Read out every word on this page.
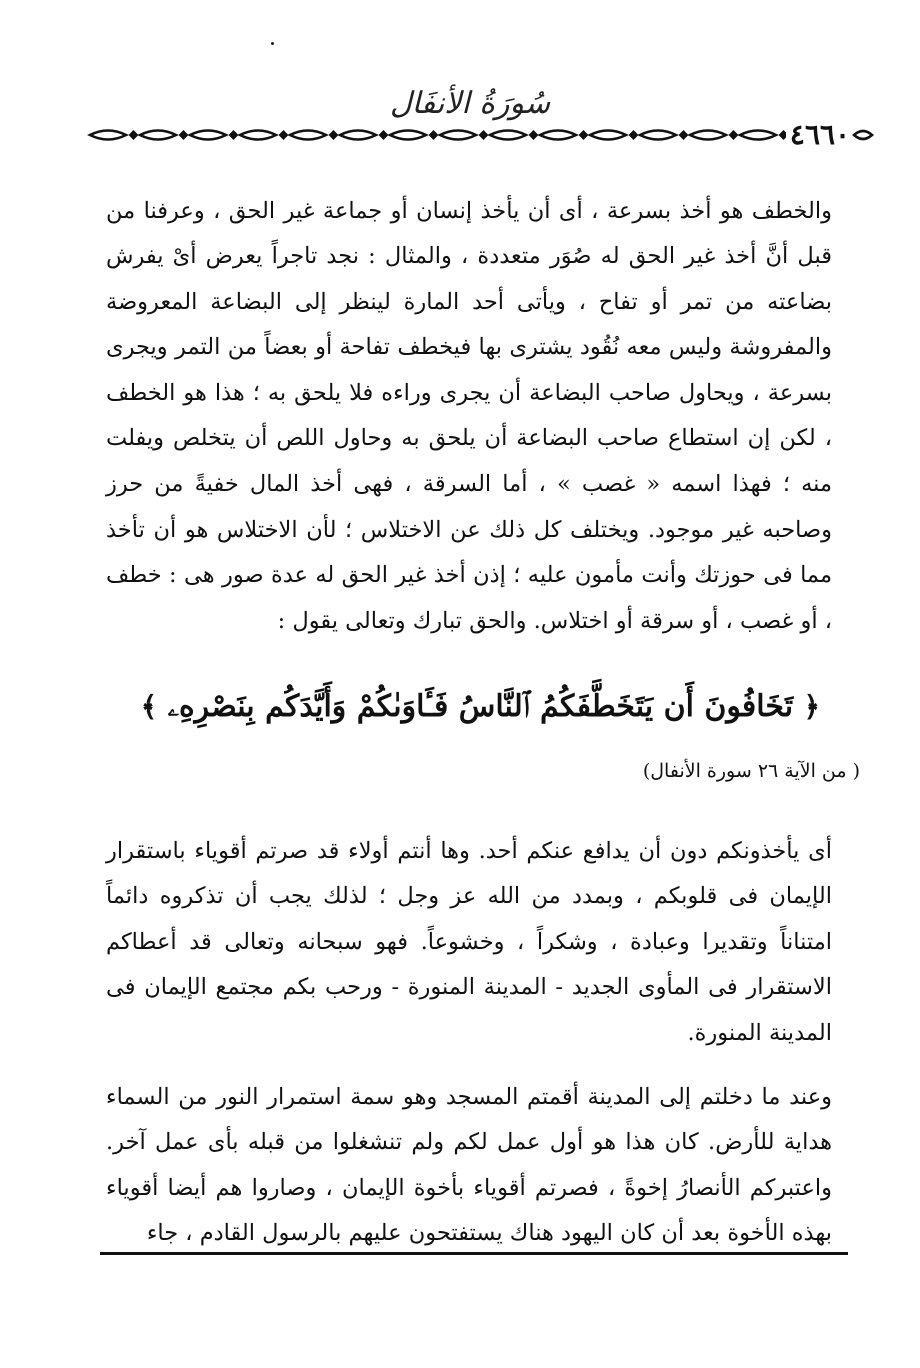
سُورَةُ الأنفَال
٤٦٦٠

والخطف هو أخذ بسرعة ، أى أن يأخذ إنسان أو جماعة غير الحق ، وعرفنا من قبل أنَّ أخذ غير الحق له صُوَر متعددة ، والمثال : نجد تاجراً يعرض أىْ يفرش بضاعته من تمر أو تفاح ، ويأتى أحد المارة لينظر إلى البضاعة المعروضة والمفروشة وليس معه نُقُود يشترى بها فيخطف تفاحة أو بعضاً من التمر ويجرى بسرعة ، ويحاول صاحب البضاعة أن يجرى وراءه فلا يلحق به ؛ هذا هو الخطف ، لكن إن استطاع صاحب البضاعة أن يلحق به وحاول اللص أن يتخلص ويفلت منه ؛ فهذا اسمه « غصب » ، أما السرقة ، فهى أخذ المال خفيةً من حرز وصاحبه غير موجود. ويختلف كل ذلك عن الاختلاس ؛ لأن الاختلاس هو أن تأخذ مما فى حوزتك وأنت مأمون عليه ؛ إذن أخذ غير الحق له عدة صور هى : خطف ، أو غصب ، أو سرقة أو اختلاس. والحق تبارك وتعالى يقول :

﴿ تَخَافُونَ أَن يَتَخَطَّفَكُمُ ٱلنَّاسُ فَـَٔاوَىٰكُمْ وَأَيَّدَكُم بِنَصْرِهِۦ ﴾
( من الآية ٢٦ سورة الأنفال)

أى يأخذونكم دون أن يدافع عنكم أحد. وها أنتم أولاء قد صرتم أقوياء باستقرار الإيمان فى قلوبكم ، وبمدد من الله عز وجل ؛ لذلك يجب أن تذكروه دائماً امتناناً وتقديرا وعبادة ، وشكراً ، وخشوعاً. فهو سبحانه وتعالى قد أعطاكم الاستقرار فى المأوى الجديد - المدينة المنورة - ورحب بكم مجتمع الإيمان فى المدينة المنورة.

وعند ما دخلتم إلى المدينة أقمتم المسجد وهو سمة استمرار النور من السماء هداية للأرض. كان هذا هو أول عمل لكم ولم تنشغلوا من قبله بأى عمل آخر. واعتبركم الأنصارُ إخوةً ، فصرتم أقوياء بأخوة الإيمان ، وصاروا هم أيضا أقوياء بهذه الأخوة بعد أن كان اليهود هناك يستفتحون عليهم بالرسول القادم ، جاء
